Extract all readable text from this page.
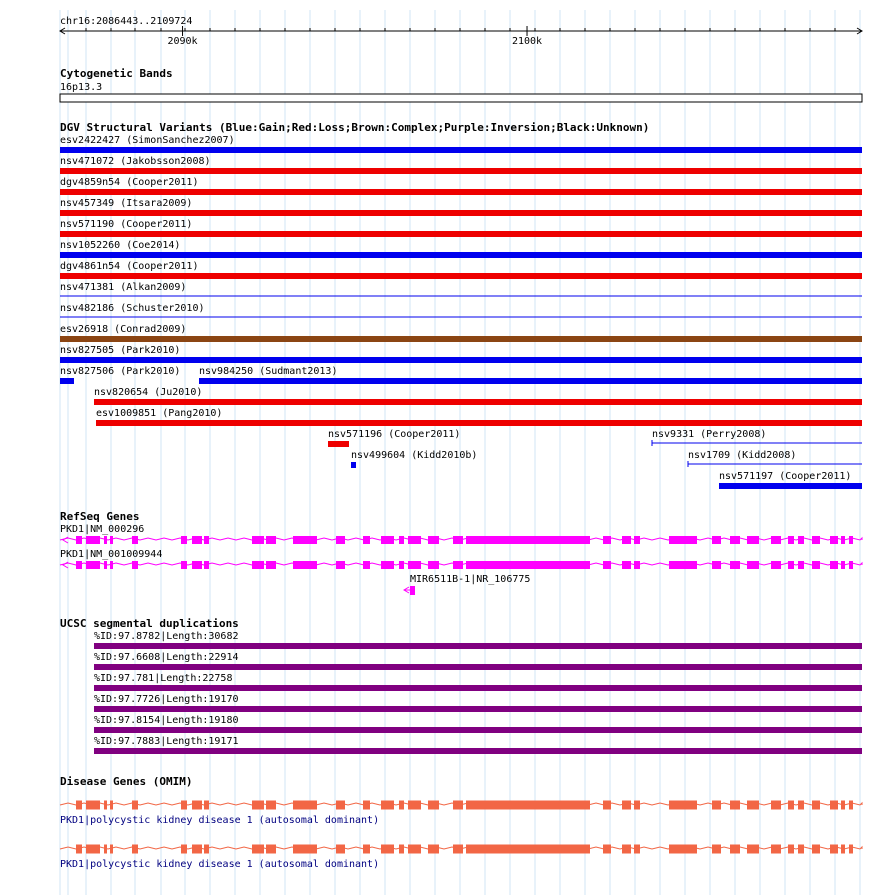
chr16:2086443..2109724
2090k	2100k
Cytogenetic Bands
16p13.3
DGV Structural Variants (Blue:Gain;Red:Loss;Brown:Complex;Purple:Inversion;Black:Unknown)
esv2422427 (SimonSanchez2007)
nsv471072 (Jakobsson2008)
dgv4859n54 (Cooper2011)
nsv457349 (Itsara2009)
nsv571190 (Cooper2011)
nsv1052260 (Coe2014)
dgv4861n54 (Cooper2011)
nsv471381 (Alkan2009)
nsv482186 (Schuster2010)
esv26918 (Conrad2009)
nsv827505 (Park2010)
nsv827506 (Park2010) nsv984250 (Sudmant2013)
nsv820654 (Ju2010)
esv1009851 (Pang2010)
nsv571196 (Cooper2011)	nsv9331 (Perry2008)
nsv499604 (Kidd2010b)	nsv1709 (Kidd2008)
nsv571197 (Cooper2011)
RefSeq Genes
PKD1|NM_000296
PKD1|NM_001009944
MIR6511B-1|NR_106775
UCSC segmental duplications
%ID:97.8782|Length:30682
%ID:97.6608|Length:22914
%ID:97.781|Length:22758
%ID:97.7726|Length:19170
%ID:97.8154|Length:19180
%ID:97.7883|Length:19171
Disease Genes (OMIM)
PKD1|polycystic kidney disease 1 (autosomal dominant)
PKD1|polycystic kidney disease 1 (autosomal dominant)
